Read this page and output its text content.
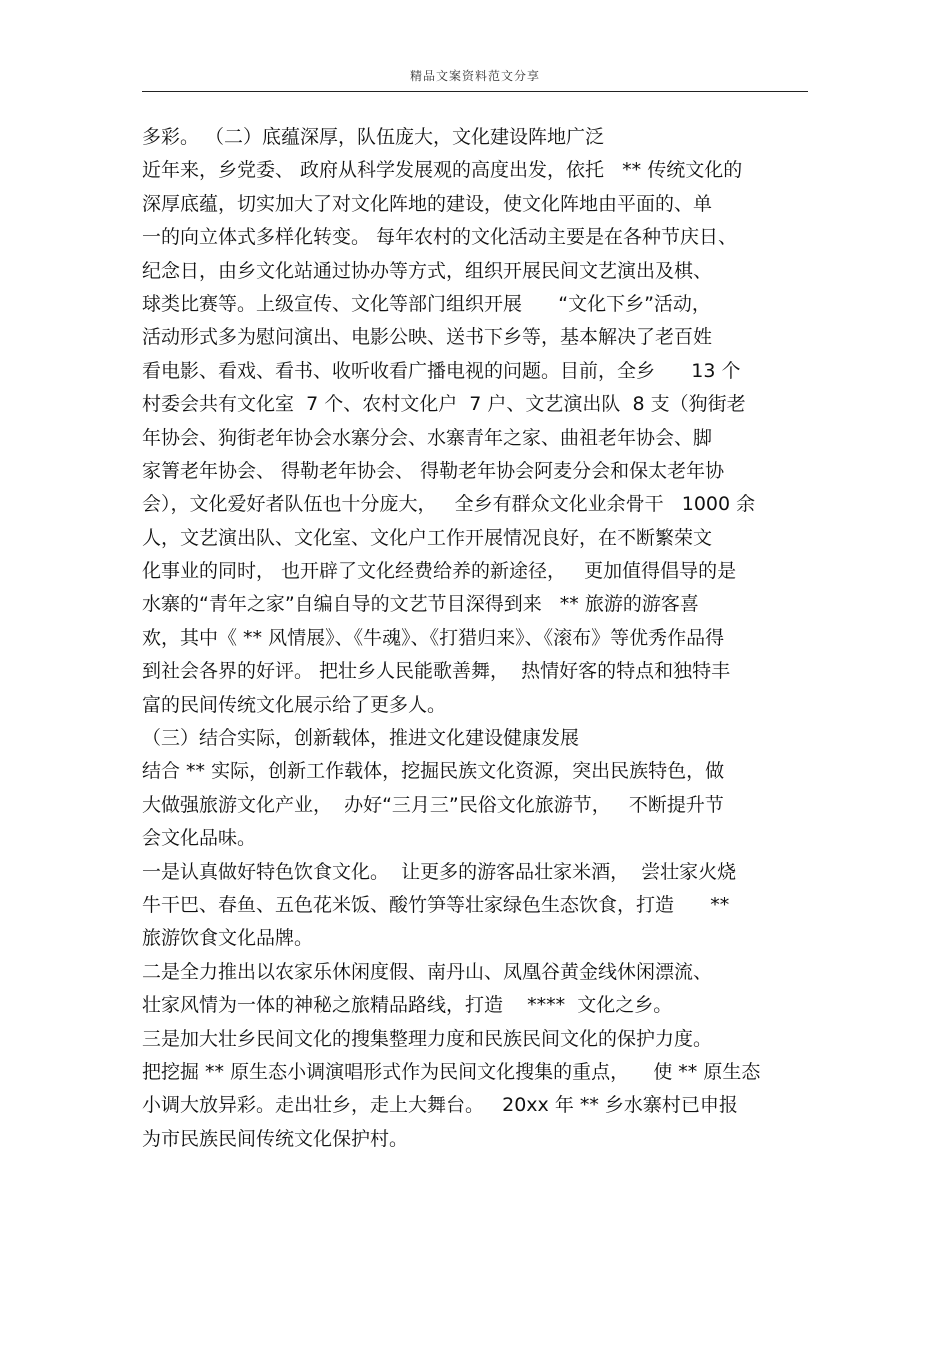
精品文案资料范文分享
多彩。 （二）底蕴深厚，队伍庞大，文化建设阵地广泛
近年来，乡党委、 政府从科学发展观的高度出发，依托   ** 传统文化的
深厚底蕴，切实加大了对文化阵地的建设，使文化阵地由平面的、单
一的向立体式多样化转变。 每年农村的文化活动主要是在各种节庆日、
纪念日，由乡文化站通过协办等方式，组织开展民间文艺演出及棋、
球类比赛等。上级宣传、文化等部门组织开展      “文化下乡”活动，
活动形式多为慰问演出、电影公映、送书下乡等，基本解决了老百姓
看电影、看戏、看书、收听收看广播电视的问题。目前，全乡      13 个
村委会共有文化室  7 个、农村文化户  7 户、文艺演出队  8 支（狗街老
年协会、狗街老年协会水寨分会、水寨青年之家、曲祖老年协会、脚
家箐老年协会、 得勒老年协会、 得勒老年协会阿麦分会和保太老年协
会），文化爱好者队伍也十分庞大，   全乡有群众文化业余骨干   1000 余
人，文艺演出队、文化室、文化户工作开展情况良好，在不断繁荣文
化事业的同时， 也开辟了文化经费给养的新途径，   更加值得倡导的是
水寨的“青年之家”自编自导的文艺节目深得到来   ** 旅游的游客喜
欢，其中《 ** 风情展》、《牛魂》、《打猎归来》、《滚布》等优秀作品得
到社会各界的好评。 把壮乡人民能歌善舞，  热情好客的特点和独特丰
富的民间传统文化展示给了更多人。
（三）结合实际，创新载体，推进文化建设健康发展
结合 ** 实际，创新工作载体，挖掘民族文化资源，突出民族特色，做
大做强旅游文化产业，  办好“三月三”民俗文化旅游节，   不断提升节
会文化品味。
一是认真做好特色饮食文化。  让更多的游客品壮家米酒，  尝壮家火烧
牛干巴、春鱼、五色花米饭、酸竹笋等壮家绿色生态饮食，打造      **
旅游饮食文化品牌。
二是全力推出以农家乐休闲度假、南丹山、凤凰谷黄金线休闲漂流、
壮家风情为一体的神秘之旅精品路线，打造    ****  文化之乡。
三是加大壮乡民间文化的搜集整理力度和民族民间文化的保护力度。
把挖掘 ** 原生态小调演唱形式作为民间文化搜集的重点，    使 ** 原生态
小调大放异彩。走出壮乡，走上大舞台。   20xx 年 ** 乡水寨村已申报
为市民族民间传统文化保护村。
